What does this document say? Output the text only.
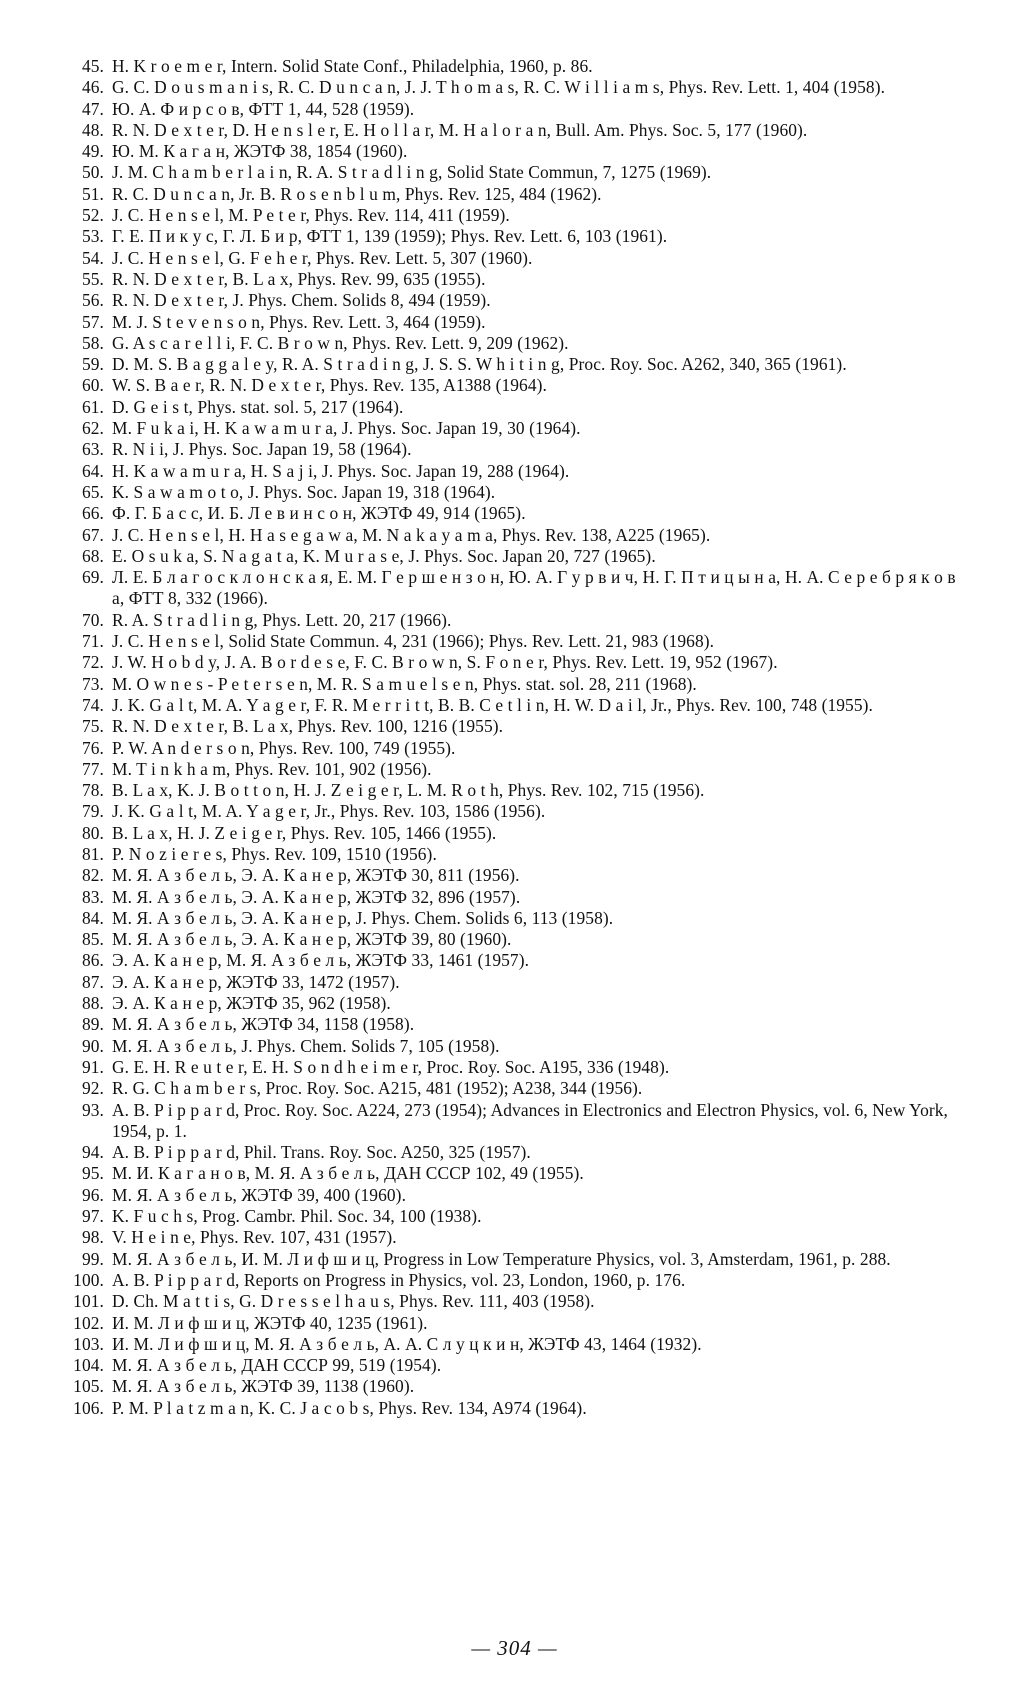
45. H. K r o e m e r, Intern. Solid State Conf., Philadelphia, 1960, p. 86.
46. G. C. D o u s m a n i s, R. C. D u n c a n, J. J. T h o m a s, R. C. W i l l i a m s, Phys. Rev. Lett. 1, 404 (1958).
47. Ю. А. Ф и р с о в, ФТТ 1, 44, 528 (1959).
48. R. N. D e x t e r, D. H e n s l e r, E. H o l l a r, M. H a l o r a n, Bull. Am. Phys. Soc. 5, 177 (1960).
49. Ю. М. К а г а н, ЖЭТФ 38, 1854 (1960).
50. J. M. C h a m b e r l a i n, R. A. S t r a d l i n g, Solid State Commun, 7, 1275 (1969).
51. R. C. D u n c a n, Jr. B. R o s e n b l u m, Phys. Rev. 125, 484 (1962).
52. J. C. H e n s e l, M. P e t e r, Phys. Rev. 114, 411 (1959).
53. Г. Е. П и к у с, Г. Л. Б и р, ФТТ 1, 139 (1959); Phys. Rev. Lett. 6, 103 (1961).
54. J. C. H e n s e l, G. F e h e r, Phys. Rev. Lett. 5, 307 (1960).
55. R. N. D e x t e r, B. L a x, Phys. Rev. 99, 635 (1955).
56. R. N. D e x t e r, J. Phys. Chem. Solids 8, 494 (1959).
57. M. J. S t e v e n s o n, Phys. Rev. Lett. 3, 464 (1959).
58. G. A s c a r e l l i, F. C. B r o w n, Phys. Rev. Lett. 9, 209 (1962).
59. D. M. S. B a g g a l e y, R. A. S t r a d i n g, J. S. S. W h i t i n g, Proc. Roy. Soc. A262, 340, 365 (1961).
60. W. S. B a e r, R. N. D e x t e r, Phys. Rev. 135, A1388 (1964).
61. D. G e i s t, Phys. stat. sol. 5, 217 (1964).
62. M. F u k a i, H. K a w a m u r a, J. Phys. Soc. Japan 19, 30 (1964).
63. R. N i i, J. Phys. Soc. Japan 19, 58 (1964).
64. H. K a w a m u r a, H. S a j i, J. Phys. Soc. Japan 19, 288 (1964).
65. K. S a w a m o t o, J. Phys. Soc. Japan 19, 318 (1964).
66. Ф. Г. Б а с с, И. Б. Л е в и н с о н, ЖЭТФ 49, 914 (1965).
67. J. C. H e n s e l, H. H a s e g a w a, M. N a k a y a m a, Phys. Rev. 138, A225 (1965).
68. E. O s u k a, S. N a g a t a, K. M u r a s e, J. Phys. Soc. Japan 20, 727 (1965).
69. Л. Е. Б л а г о с к л о н с к а я, Е. М. Г е р ш е н з о н, Ю. А. Г у р в и ч, Н. Г. П т и ц ы н а, Н. А. С е р е б р я к о в а, ФТТ 8, 332 (1966).
70. R. A. S t r a d l i n g, Phys. Lett. 20, 217 (1966).
71. J. C. H e n s e l, Solid State Commun. 4, 231 (1966); Phys. Rev. Lett. 21, 983 (1968).
72. J. W. H o b d y, J. A. B o r d e s e, F. C. B r o w n, S. F o n e r, Phys. Rev. Lett. 19, 952 (1967).
73. M. O w n e s - P e t e r s e n, M. R. S a m u e l s e n, Phys. stat. sol. 28, 211 (1968).
74. J. K. G a l t, M. A. Y a g e r, F. R. M e r r i t t, B. B. C e t l i n, H. W. D a i l, Jr., Phys. Rev. 100, 748 (1955).
75. R. N. D e x t e r, B. L a x, Phys. Rev. 100, 1216 (1955).
76. P. W. A n d e r s o n, Phys. Rev. 100, 749 (1955).
77. M. T i n k h a m, Phys. Rev. 101, 902 (1956).
78. B. L a x, K. J. B o t t o n, H. J. Z e i g e r, L. M. R o t h, Phys. Rev. 102, 715 (1956).
79. J. K. G a l t, M. A. Y a g e r, Jr., Phys. Rev. 103, 1586 (1956).
80. B. L a x, H. J. Z e i g e r, Phys. Rev. 105, 1466 (1955).
81. P. N o z i e r e s, Phys. Rev. 109, 1510 (1956).
82. М. Я. А з б е л ь, Э. А. К а н е р, ЖЭТФ 30, 811 (1956).
83. М. Я. А з б е л ь, Э. А. К а н е р, ЖЭТФ 32, 896 (1957).
84. М. Я. А з б е л ь, Э. А. К а н е р, J. Phys. Chem. Solids 6, 113 (1958).
85. М. Я. А з б е л ь, Э. А. К а н е р, ЖЭТФ 39, 80 (1960).
86. Э. А. К а н е р, М. Я. А з б е л ь, ЖЭТФ 33, 1461 (1957).
87. Э. А. К а н е р, ЖЭТФ 33, 1472 (1957).
88. Э. А. К а н е р, ЖЭТФ 35, 962 (1958).
89. М. Я. А з б е л ь, ЖЭТФ 34, 1158 (1958).
90. М. Я. А з б е л ь, J. Phys. Chem. Solids 7, 105 (1958).
91. G. E. H. R e u t e r, E. H. S o n d h e i m e r, Proc. Roy. Soc. A195, 336 (1948).
92. R. G. C h a m b e r s, Proc. Roy. Soc. A215, 481 (1952); A238, 344 (1956).
93. A. B. P i p p a r d, Proc. Roy. Soc. A224, 273 (1954); Advances in Electronics and Electron Physics, vol. 6, New York, 1954, p. 1.
94. A. B. P i p p a r d, Phil. Trans. Roy. Soc. A250, 325 (1957).
95. М. И. К а г а н о в, М. Я. А з б е л ь, ДАН СССР 102, 49 (1955).
96. М. Я. А з б е л ь, ЖЭТФ 39, 400 (1960).
97. K. F u c h s, Prog. Cambr. Phil. Soc. 34, 100 (1938).
98. V. H e i n e, Phys. Rev. 107, 431 (1957).
99. М. Я. А з б е л ь, И. М. Л и ф ш и ц, Progress in Low Temperature Physics, vol. 3, Amsterdam, 1961, p. 288.
100. A. B. P i p p a r d, Reports on Progress in Physics, vol. 23, London, 1960, p. 176.
101. D. Ch. M a t t i s, G. D r e s s e l h a u s, Phys. Rev. 111, 403 (1958).
102. И. М. Л и ф ш и ц, ЖЭТФ 40, 1235 (1961).
103. И. М. Л и ф ш и ц, М. Я. А з б е л ь, А. А. С л у ц к и н, ЖЭТФ 43, 1464 (1932).
104. М. Я. А з б е л ь, ДАН СССР 99, 519 (1954).
105. М. Я. А з б е л ь, ЖЭТФ 39, 1138 (1960).
106. P. M. P l a t z m a n, K. C. J a c o b s, Phys. Rev. 134, A974 (1964).
— 304 —
